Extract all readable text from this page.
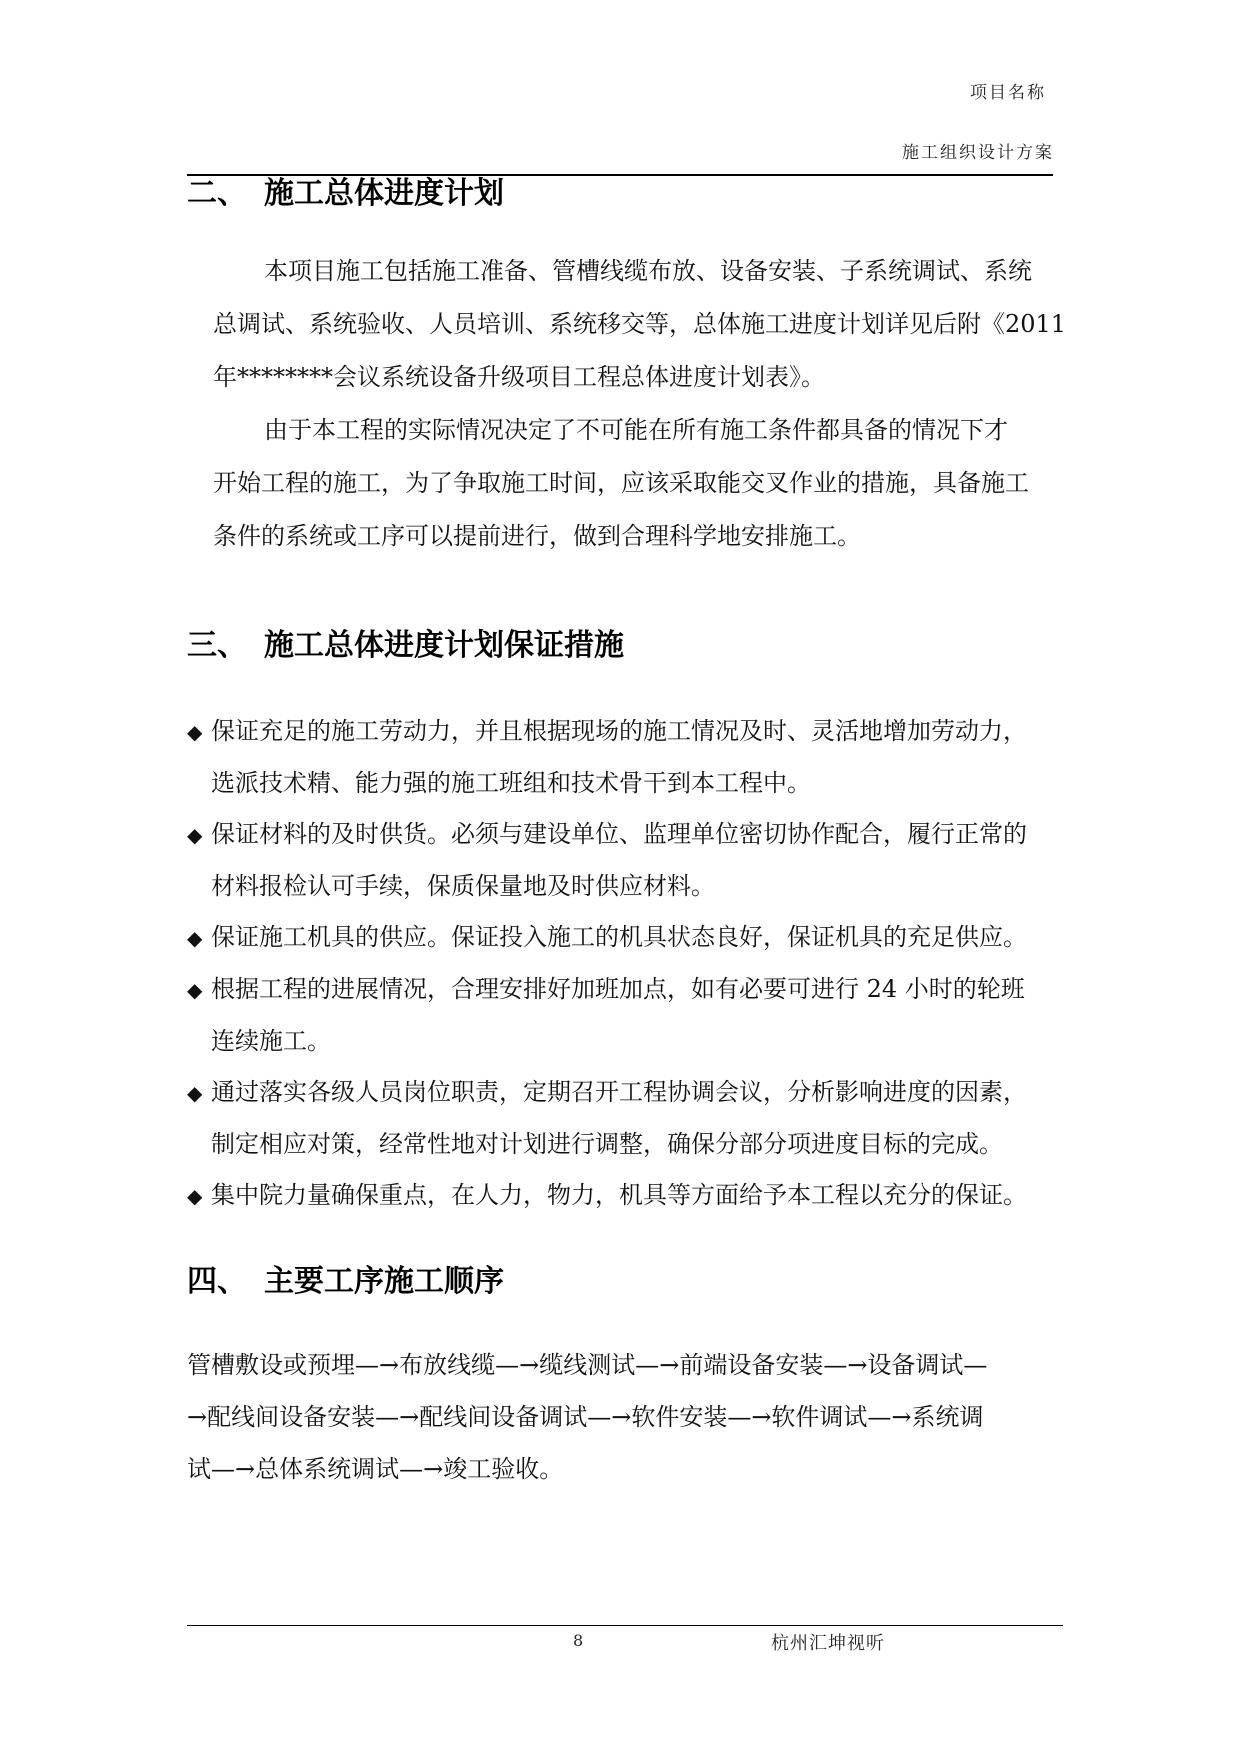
项目名称
施工组织设计方案
二、 施工总体进度计划
本项目施工包括施工准备、管槽线缆布放、设备安装、子系统调试、系统
总调试、系统验收、人员培训、系统移交等，总体施工进度计划详见后附《2011
年********会议系统设备升级项目工程总体进度计划表》。
由于本工程的实际情况决定了不可能在所有施工条件都具备的情况下才
开始工程的施工，为了争取施工时间，应该采取能交叉作业的措施，具备施工
条件的系统或工序可以提前进行，做到合理科学地安排施工。
三、 施工总体进度计划保证措施
◆ 保证充足的施工劳动力，并且根据现场的施工情况及时、灵活地增加劳动力，
选派技术精、能力强的施工班组和技术骨干到本工程中。
◆ 保证材料的及时供货。必须与建设单位、监理单位密切协作配合，履行正常的
材料报检认可手续，保质保量地及时供应材料。
◆ 保证施工机具的供应。保证投入施工的机具状态良好，保证机具的充足供应。
◆ 根据工程的进展情况，合理安排好加班加点，如有必要可进行 24 小时的轮班
连续施工。
◆ 通过落实各级人员岗位职责，定期召开工程协调会议，分析影响进度的因素，
制定相应对策，经常性地对计划进行调整，确保分部分项进度目标的完成。
◆ 集中院力量确保重点，在人力，物力，机具等方面给予本工程以充分的保证。
四、 主要工序施工顺序
管槽敷设或预埋—→布放线缆—→缆线测试—→前端设备安装—→设备调试—
→配线间设备安装—→配线间设备调试—→软件安装—→软件调试—→系统调
试—→总体系统调试—→竣工验收。
8	杭州汇坤视听
